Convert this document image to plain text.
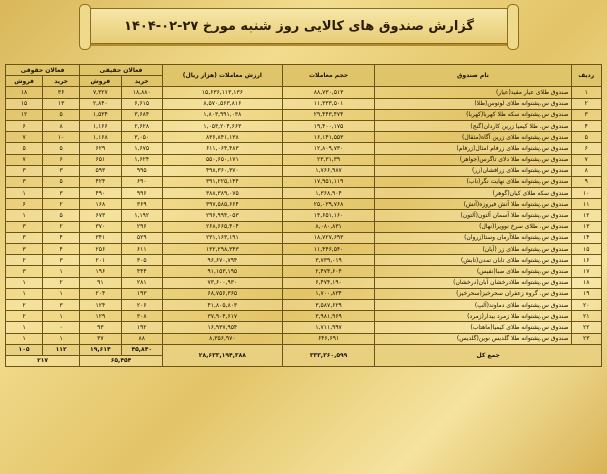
گزارش صندوق های کالایی روز شنبه مورخ ۲۷-۰۲-۱۴۰۴
ردیف	نام صندوق	حجم معاملات	ارزش معاملات (هزار ریال)	فعالان حقیقی		فعالان حقوقی	
				خرید	فروش	خرید	فروش
۱	صندوق طلای عیار مفید(عیار)	۸۸,۷۳۰,۵۱۳	۱۵,۶۳۶,۱۱۳,۱۳۶	۱۸,۸۸۰	۷,۳۲۷	۳۶	۱۸
۲	صندوق س.پشتوانه طلای لوتوس(طلا)	۱۱,۳۳۳,۵۰۱	۸,۵۷۰,۵۶۳,۸۱۶	۶,۶۱۵	۲,۸۴۰	۱۳	۱۵
۳	صندوق س.پشتوانه سکه طلا کهربا(کهربا)	۲۹,۴۴۳,۴۷۴	۱,۸۰۳,۹۹۱,۰۳۸	۳,۶۸۴	۱,۵۳۴	۵	۱۲
۴	صندوق س. طلا کیمیا زرین کاردان(گنج)	۱۹,۴۰۰,۱۷۵	۱,۰۵۳,۲۰۴,۶۶۳	۲,۶۲۸	۱,۱۶۶	۸	۶
۵	صندوق س.پشتوانه طلای زرین آگاه(مثقال)	۱۶,۱۴۱,۵۵۳	۸۳۶,۸۴۱,۱۳۸	۳,۰۵۰	۱,۱۶۸	۱۰	۷
۶	صندوق س.پشتوانه طلای زرفام امثال(زرفام)	۱۲,۸۰۹,۷۳۰	۶۱۱,۰۶۴,۴۸۳	۱,۶۷۵	۶۲۹	۵	۵
۷	صندوق س.پشتوانه طلا دلای تاگرس(جواهر)	۲۳,۳۱,۳۹	۵۵۰,۶۵۰,۱۷۱	۱,۶۲۴	۶۵۱	۶	۷
۸	صندوق س.پشتوانه طلای زرافشان(زر)	۱,۷۶۶,۹۸۷	۴۹۸,۳۶۰,۳۷۰	۹۹۵	۵۹۳	۳	۳
۹	صندوق س.پشتوانه طلای نهایت نگر(ناب)	۱۷,۹۵۱,۱۱۹	۳۹۱,۲۲۵,۱۴۴	۶۹۰	۴۲۴	۵	۳
۱۰	صندوق سکه طلای کیان(گوهر)	۱,۳۶۸,۹۰۴	۳۸۸,۳۸۹,۰۷۵	۹۹۶	۴۹۰	۳	۱
۱۱	صندوق س.پشتوانه طلا آتش فیروزه(آتش)	۲۵,۰۳۹,۷۶۸	۳۹۷,۵۸۵,۶۶۴	۳۶۹	۱۶۸	۲	۶
۱۲	صندوق س.پشتوانه طلا آسمان آلتون(آلتون)	۱۴,۶۵۱,۱۶۰	۲۹۶,۹۹۴,۰۵۳	۱,۱۹۲	۶۷۳	۵	۱
۱۳	صندوق س. طلای سرخ نوویرا(نهال)	۸,۰۸۰,۸۳۱	۲۶۸,۶۶۵,۴۰۴	۲۹۶	۳۷۰	۲	۳
۱۴	صندوق س.پشتوانه طلاآرمان وستا(زروان)	۱۸,۷۲۷,۶۹۳	۲۳۱,۱۶۳,۱۹۱	۵۲۹	۳۴۱	۴	۳
۱۵	صندوق س.پشتوانه طلای زر (آیان)	۱۱,۴۴۶,۵۴۰	۱۳۲,۲۹۸,۳۴۳	۶۱۱	۲۵۶	۴	۳
۱۶	صندوق س.پشتوانه طلای تابان تمدن(تابش)	۳,۷۳۹,۰۱۹	۹۶,۶۷۰,۷۹۴	۳۰۵	۲۰۱	۳	۲
۱۷	صندوق س.پشتوانه طلای صبا(نفیس)	۲,۴۷۴,۶۰۴	۹۱,۱۵۳,۱۹۵	۴۴۴	۱۹۶	۱	۳
۱۸	صندوق س.پشتوانه طلادرخشان آبان(درخشان)	۶,۴۷۴,۱۹۰	۷۳,۶۰۰,۹۳۰	۲۸۱	۹۱	۲	۱
۱۹	صندوق س. گروه زعفران سحرخیز(سحرخیز)	۱,۷۰۰,۸۳۴	۶۸,۷۵۶,۳۶۵	۱۹۳	۲۰۴	۱	۱
۲۰	صندوق س.پشتوانه طلای دماوند(آلپ)	۳,۵۸۷,۶۲۹	۴۱,۸۰۵,۸۰۳	۲۰۶	۱۲۴	۳	۲
۲۱	صندوق س.پشتوانه طلا زمرد بیدار(زمرد)	۳,۹۸۱,۹۶۹	۳۷,۹۰۴,۶۱۷	۳۰۸	۱۲۹	۱	۲
۲۲	صندوق س.پشتوانه طلای کیمیا(ماهتاب)	۱,۷۱۱,۹۹۷	۱۶,۹۳۷,۹۵۴	۱۹۲	۹۳	۰	۱
۲۳	صندوق س.پشتوانه طلا گلدیس نوین(گلدیس)	۶۴۶,۶۹۱	۸,۳۵۶,۹۷۰	۸۸	۳۷	۱	۱
جمع کل		۳۳۳,۳۶۰,۵۹۹	۲۸,۶۳۳,۱۹۴,۳۸۸	۴۵,۸۴۰	۱۹,۶۱۴	۱۱۲	۱۰۵
				۶۵,۴۵۴		۲۱۷	
